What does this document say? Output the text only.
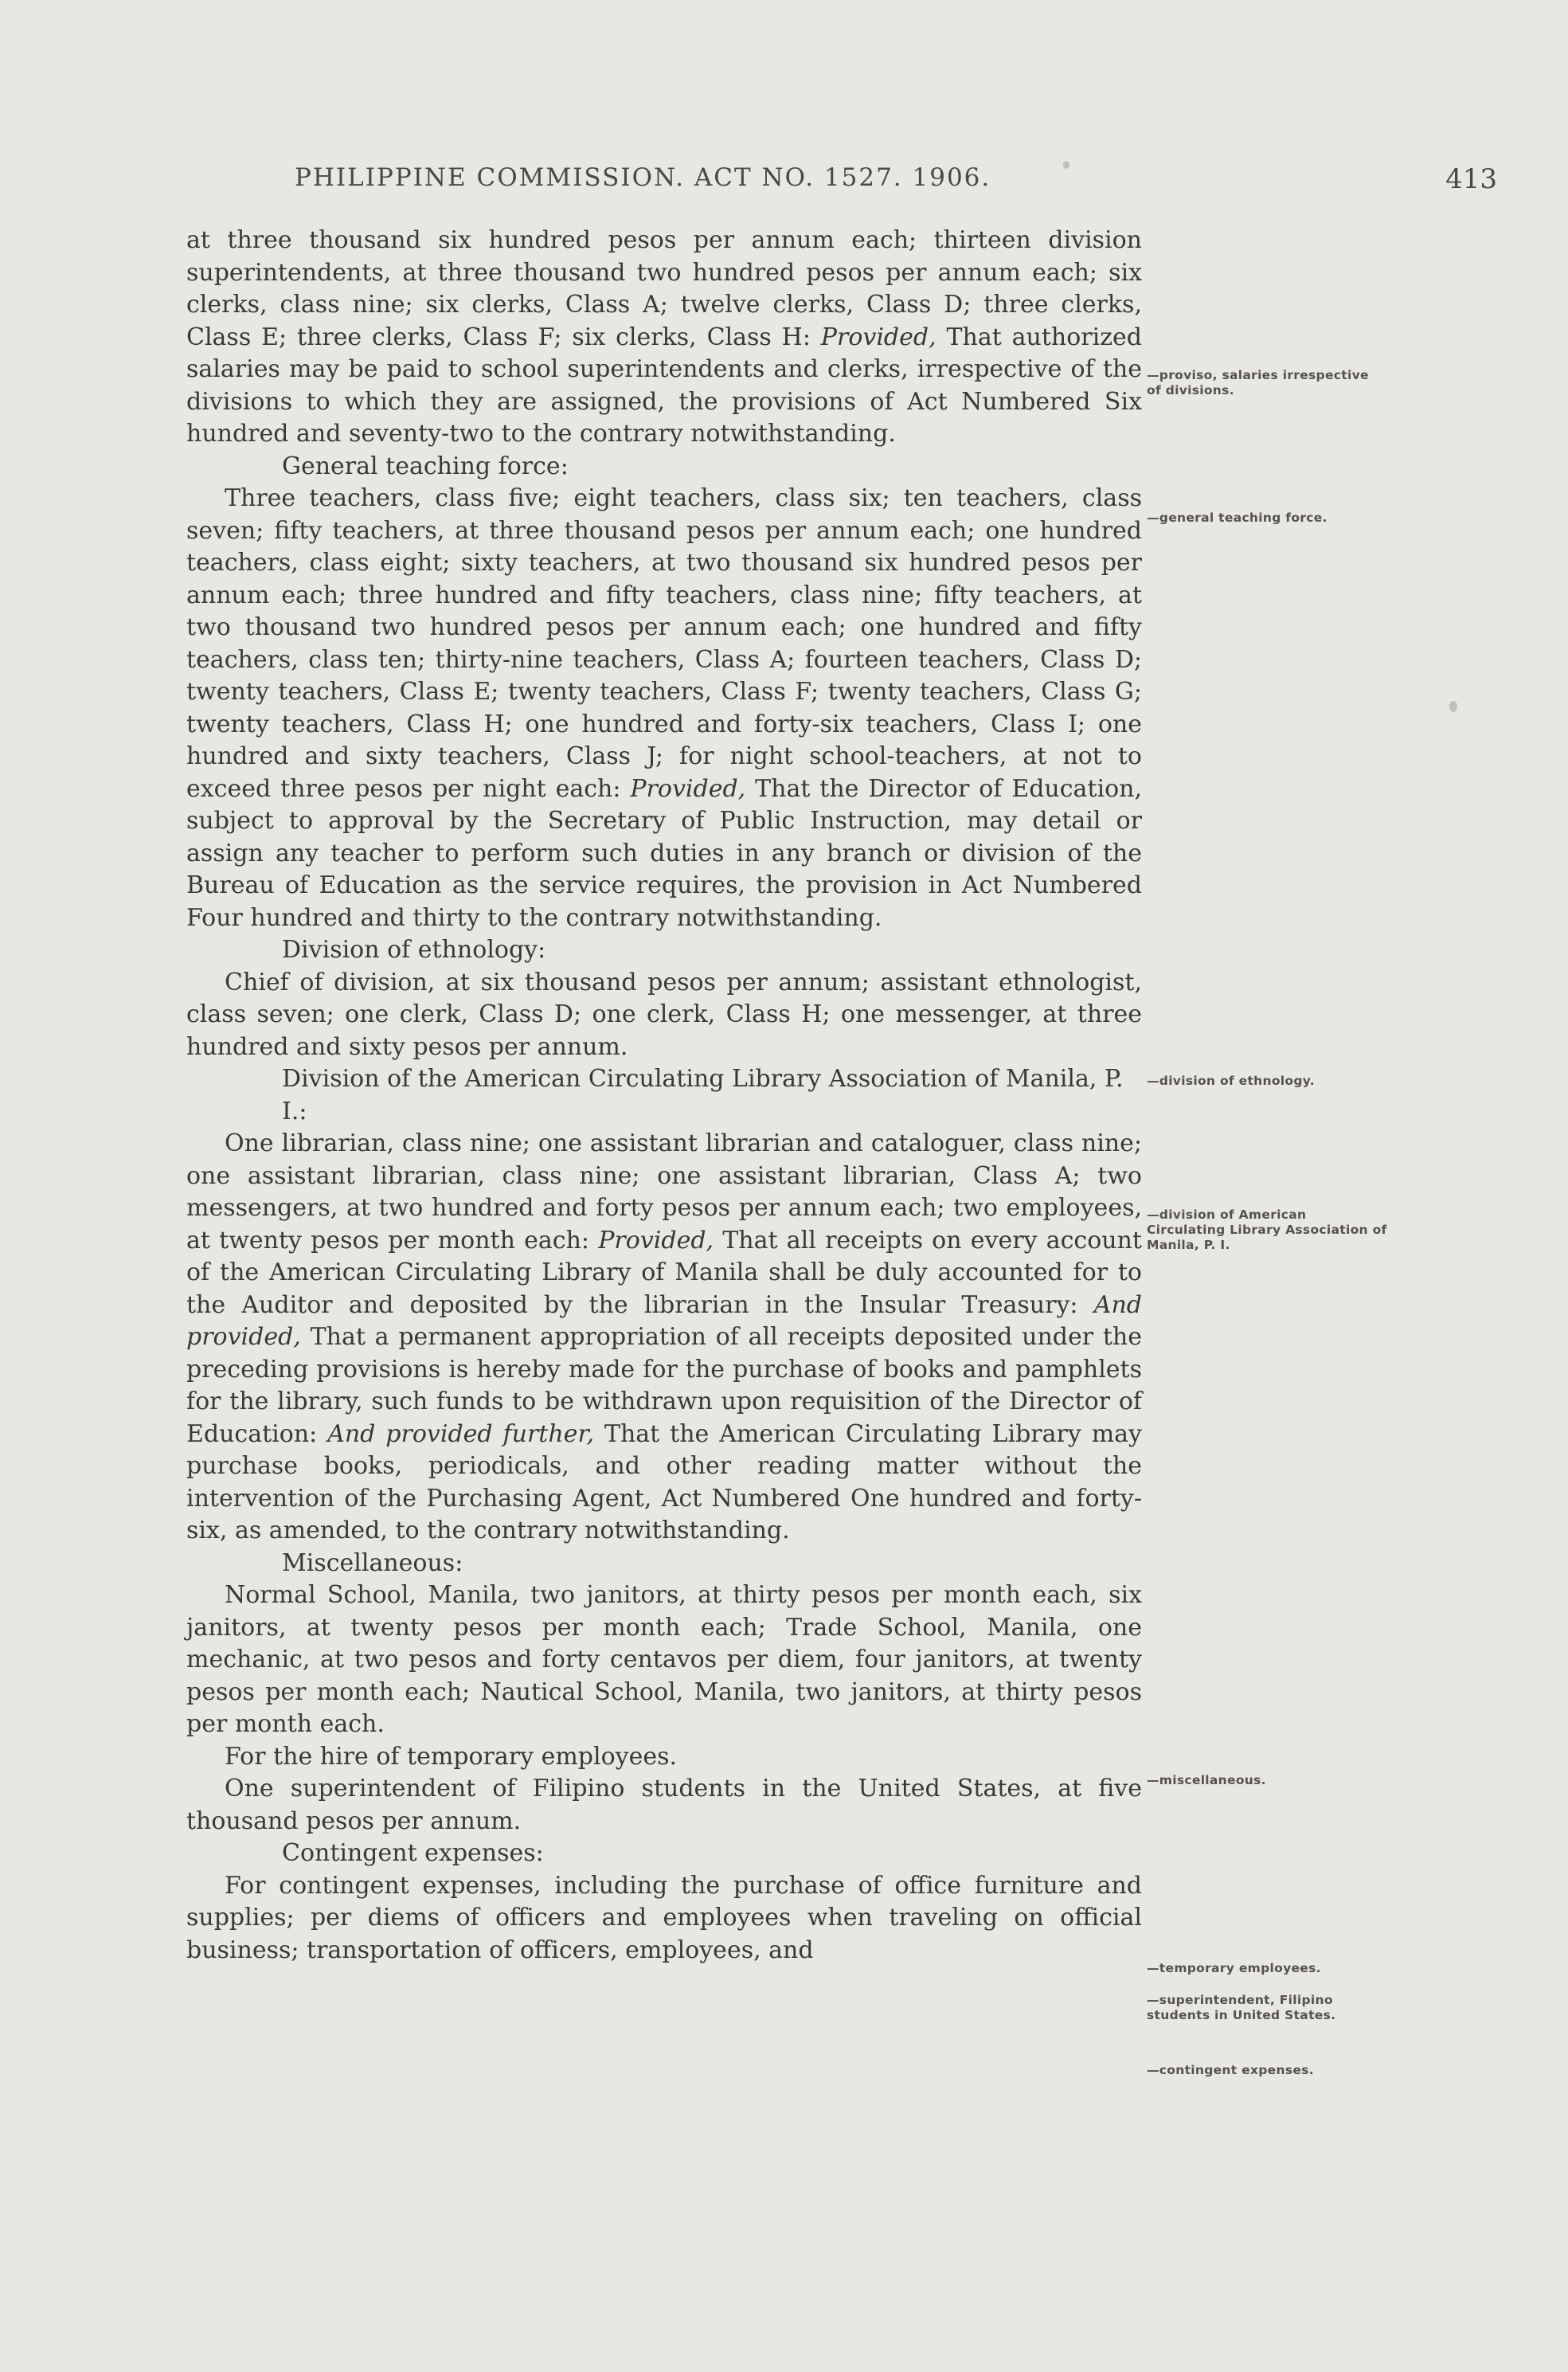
PHILIPPINE COMMISSION. ACT NO. 1527. 1906.	413

at three thousand six hundred pesos per annum each; thirteen division superintendents, at three thousand two hundred pesos per annum each; six clerks, class nine; six clerks, Class A; twelve clerks, Class D; three clerks, Class E; three clerks, Class F; six clerks, Class H: Provided, That authorized salaries may be paid to school superintendents and clerks, irrespective of the divisions to which they are assigned, the provisions of Act Numbered Six hundred and seventy-two to the contrary notwithstanding.

General teaching force:

Three teachers, class five; eight teachers, class six; ten teachers, class seven; fifty teachers, at three thousand pesos per annum each; one hundred teachers, class eight; sixty teachers, at two thousand six hundred pesos per annum each; three hundred and fifty teachers, class nine; fifty teachers, at two thousand two hundred pesos per annum each; one hundred and fifty teachers, class ten; thirty-nine teachers, Class A; fourteen teachers, Class D; twenty teachers, Class E; twenty teachers, Class F; twenty teachers, Class G; twenty teachers, Class H; one hundred and forty-six teachers, Class I; one hundred and sixty teachers, Class J; for night school-teachers, at not to exceed three pesos per night each: Provided, That the Director of Education, subject to approval by the Secretary of Public Instruction, may detail or assign any teacher to perform such duties in any branch or division of the Bureau of Education as the service requires, the provision in Act Numbered Four hundred and thirty to the contrary notwithstanding.

Division of ethnology:

Chief of division, at six thousand pesos per annum; assistant ethnologist, class seven; one clerk, Class D; one clerk, Class H; one messenger, at three hundred and sixty pesos per annum.

Division of the American Circulating Library Association of Manila, P. I.:

One librarian, class nine; one assistant librarian and cataloguer, class nine; one assistant librarian, class nine; one assistant librarian, Class A; two messengers, at two hundred and forty pesos per annum each; two employees, at twenty pesos per month each: Provided, That all receipts on every account of the American Circulating Library of Manila shall be duly accounted for to the Auditor and deposited by the librarian in the Insular Treasury: And provided, That a permanent appropriation of all receipts deposited under the preceding provisions is hereby made for the purchase of books and pamphlets for the library, such funds to be withdrawn upon requisition of the Director of Education: And provided further, That the American Circulating Library may purchase books, periodicals, and other reading matter without the intervention of the Purchasing Agent, Act Numbered One hundred and forty-six, as amended, to the contrary notwithstanding.

Miscellaneous:

Normal School, Manila, two janitors, at thirty pesos per month each, six janitors, at twenty pesos per month each; Trade School, Manila, one mechanic, at two pesos and forty centavos per diem, four janitors, at twenty pesos per month each; Nautical School, Manila, two janitors, at thirty pesos per month each.

For the hire of temporary employees.

One superintendent of Filipino students in the United States, at five thousand pesos per annum.

Contingent expenses:

For contingent expenses, including the purchase of office furniture and supplies; per diems of officers and employees when traveling on official business; transportation of officers, employees, and

—proviso, salaries irrespective of divisions.
—general teaching force.
—division of ethnology.
—division of American Circulating Library Association of Manila, P. I.
—miscellaneous.
—temporary employees.
—superintendent, Filipino students in United States.
—contingent expenses.
